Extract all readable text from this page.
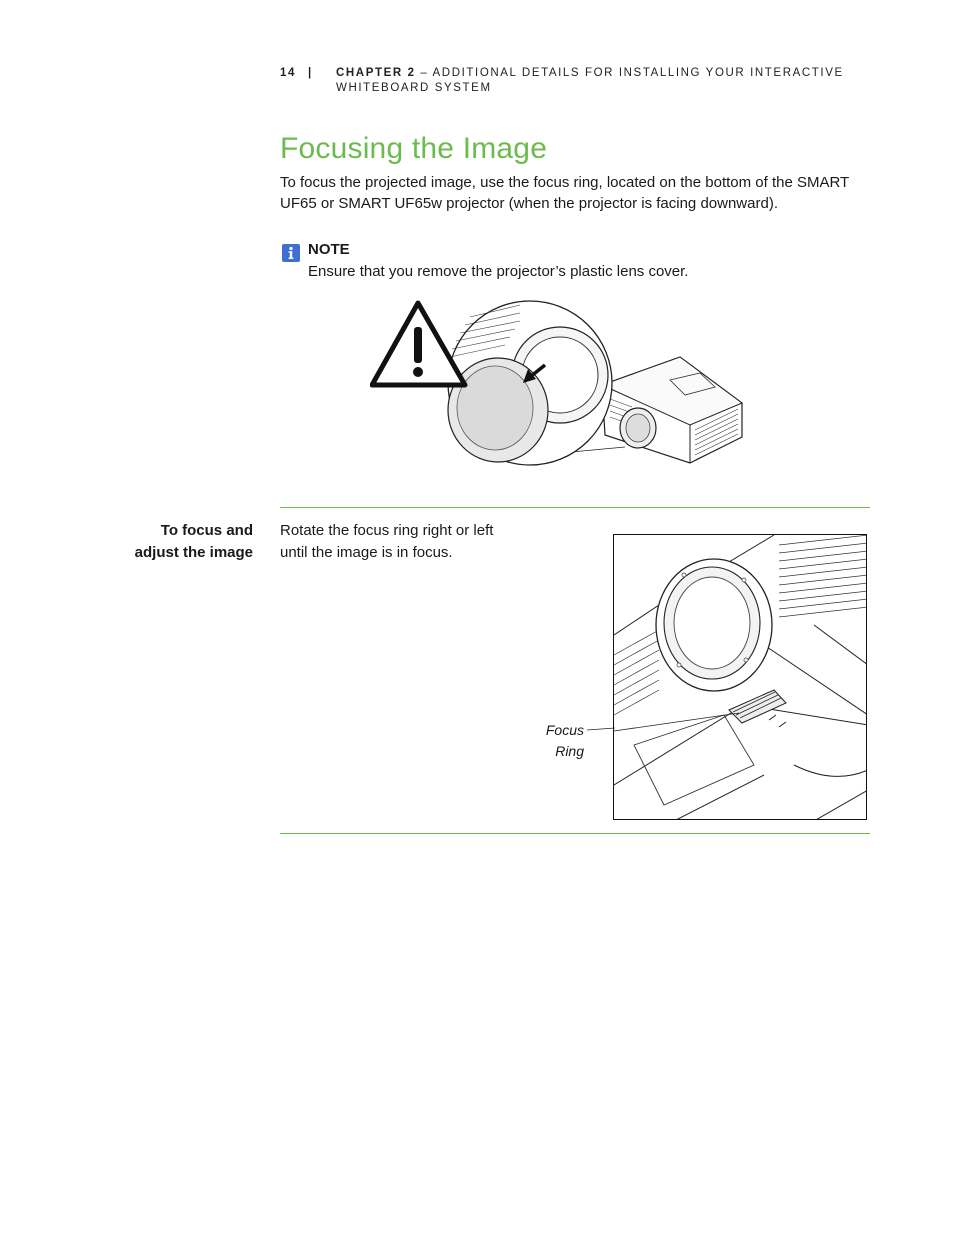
14 | CHAPTER 2 – ADDITIONAL DETAILS FOR INSTALLING YOUR INTERACTIVE WHITEBOARD SYSTEM
Focusing the Image

To focus the projected image, use the focus ring, located on the bottom of the SMART UF65 or SMART UF65w projector (when the projector is facing downward).

NOTE
Ensure that you remove the projector’s plastic lens cover.
To focus and
adjust the image
Rotate the focus ring right or left until the image is in focus.
Focus
Ring
